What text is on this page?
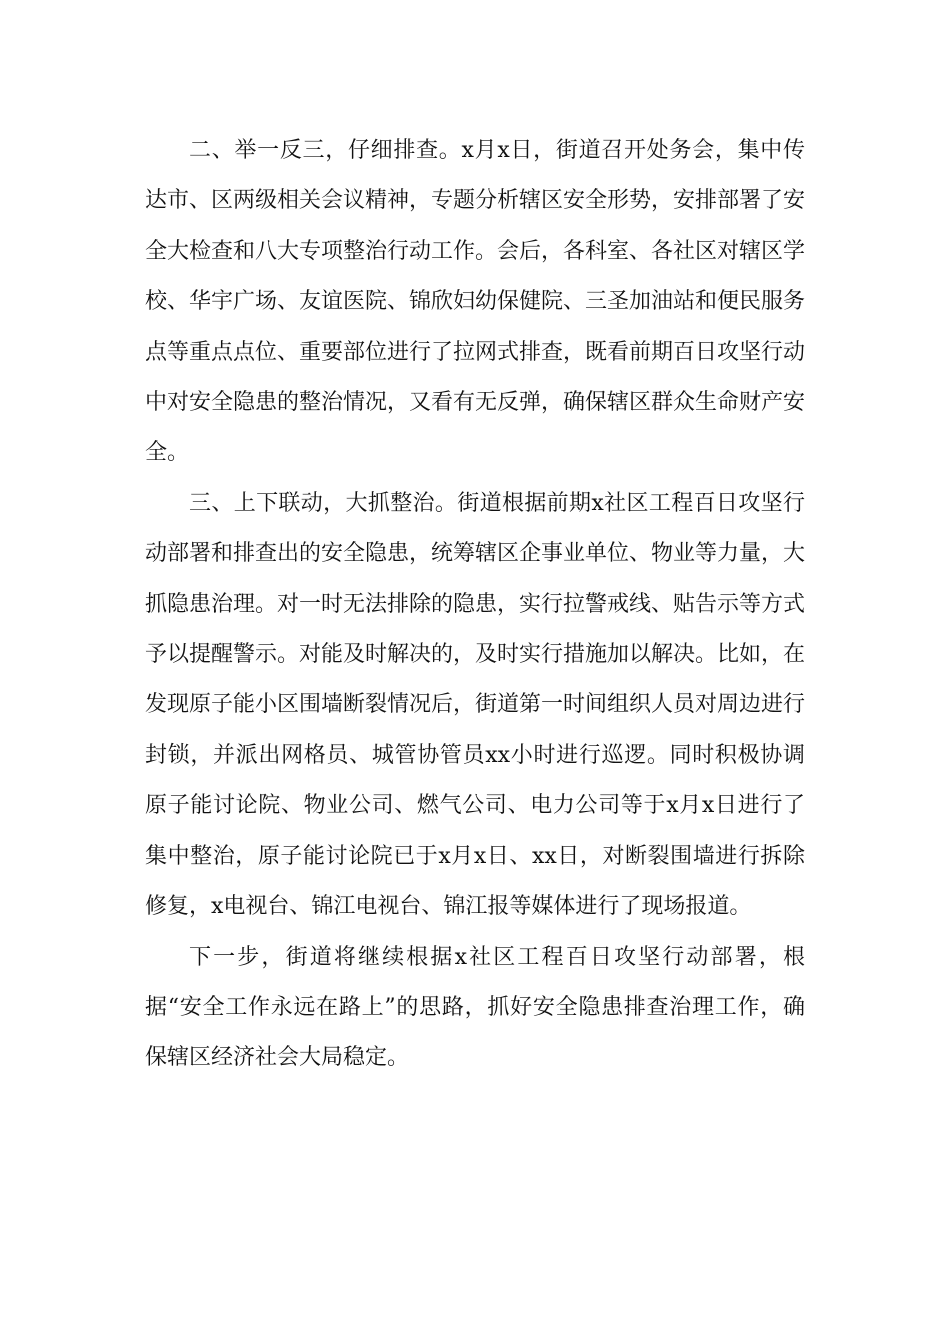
二、举一反三，仔细排查。x月x日，街道召开处务会，集中传达市、区两级相关会议精神，专题分析辖区安全形势，安排部署了安全大检查和八大专项整治行动工作。会后，各科室、各社区对辖区学校、华宇广场、友谊医院、锦欣妇幼保健院、三圣加油站和便民服务点等重点点位、重要部位进行了拉网式排查，既看前期百日攻坚行动中对安全隐患的整治情况，又看有无反弹，确保辖区群众生命财产安全。

三、上下联动，大抓整治。街道根据前期x社区工程百日攻坚行动部署和排查出的安全隐患，统筹辖区企事业单位、物业等力量，大抓隐患治理。对一时无法排除的隐患，实行拉警戒线、贴告示等方式予以提醒警示。对能及时解决的，及时实行措施加以解决。比如，在发现原子能小区围墙断裂情况后，街道第一时间组织人员对周边进行封锁，并派出网格员、城管协管员xx小时进行巡逻。同时积极协调原子能讨论院、物业公司、燃气公司、电力公司等于x月x日进行了集中整治，原子能讨论院已于x月x日、xx日，对断裂围墙进行拆除修复，x电视台、锦江电视台、锦江报等媒体进行了现场报道。

下一步，街道将继续根据x社区工程百日攻坚行动部署，根据“安全工作永远在路上”的思路，抓好安全隐患排查治理工作，确保辖区经济社会大局稳定。
